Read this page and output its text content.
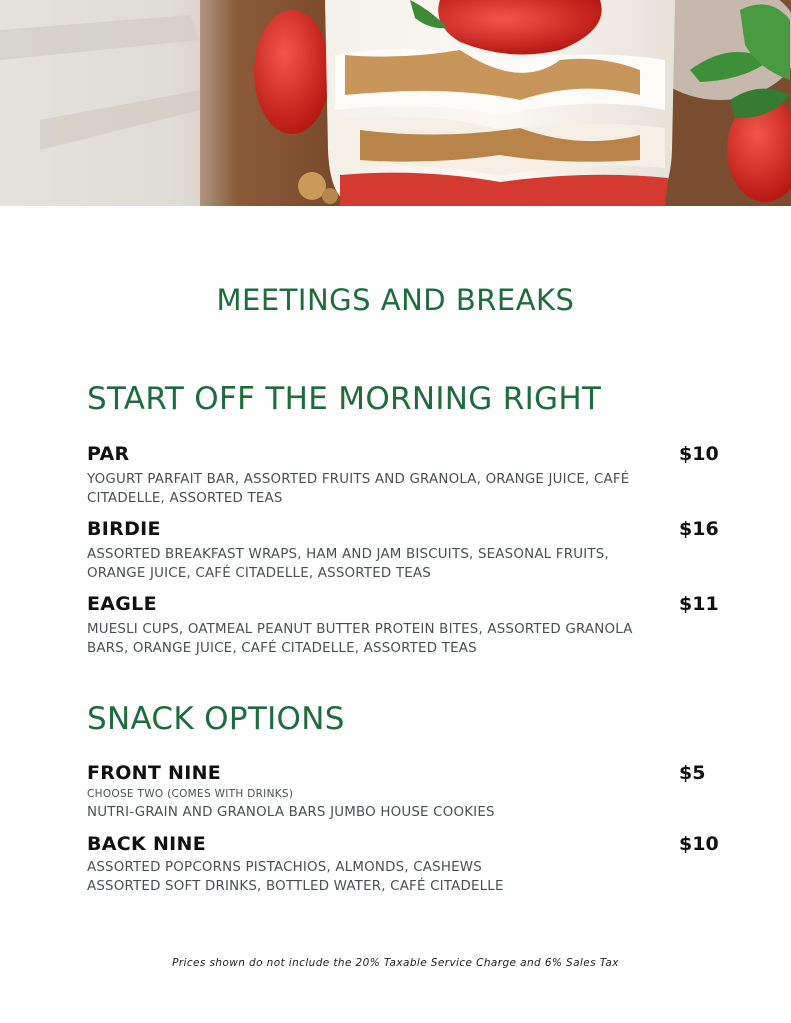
MEETINGS AND BREAKS
START OFF THE MORNING RIGHT
PAR	$10
YOGURT PARFAIT BAR, ASSORTED FRUITS AND GRANOLA, ORANGE JUICE, CAFÉ CITADELLE, ASSORTED TEAS
BIRDIE	$16
ASSORTED BREAKFAST WRAPS, HAM AND JAM BISCUITS, SEASONAL FRUITS, ORANGE JUICE, CAFÉ CITADELLE, ASSORTED TEAS
EAGLE	$11
MUESLI CUPS, OATMEAL PEANUT BUTTER PROTEIN BITES, ASSORTED GRANOLA BARS, ORANGE JUICE, CAFÉ CITADELLE, ASSORTED TEAS
SNACK OPTIONS
FRONT NINE	$5
CHOOSE TWO (COMES WITH DRINKS)
NUTRI-GRAIN AND GRANOLA BARS JUMBO HOUSE COOKIES
BACK NINE	$10
ASSORTED POPCORNS PISTACHIOS, ALMONDS, CASHEWS
ASSORTED SOFT DRINKS, BOTTLED WATER, CAFÉ CITADELLE
Prices shown do not include the 20% Taxable Service Charge and 6% Sales Tax
